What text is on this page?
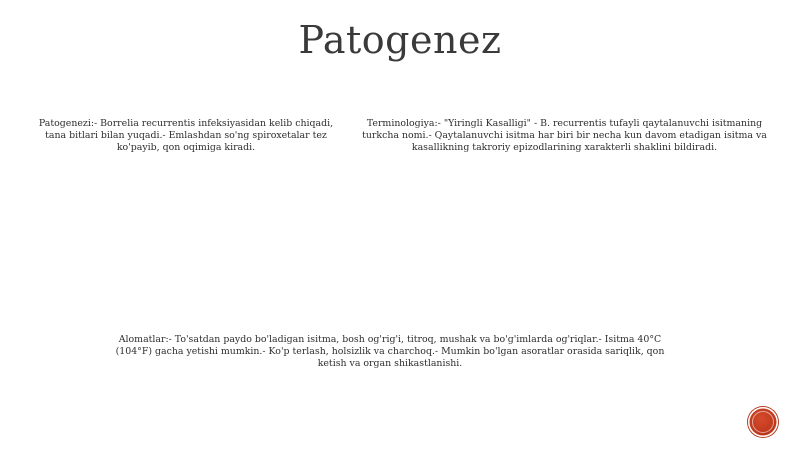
Patogenez
Patogenezi:- Borrelia recurrentis infeksiyasidan kelib chiqadi, tana bitlari bilan yuqadi.- Emlashdan so'ng spiroxetalar tez ko'payib, qon oqimiga kiradi.
Terminologiya:- "Yiringli Kasalligi" - B. recurrentis tufayli qaytalanuvchi isitmaning turkcha nomi.- Qaytalanuvchi isitma har biri bir necha kun davom etadigan isitma va kasallikning takroriy epizodlarining xarakterli shaklini bildiradi.
Alomatlar:- To'satdan paydo bo'ladigan isitma, bosh og'rig'i, titroq, mushak va bo'g'imlarda og'riqlar.- Isitma 40°C (104°F) gacha yetishi mumkin.- Ko'p terlash, holsizlik va charchoq.- Mumkin bo'lgan asoratlar orasida sariqlik, qon ketish va organ shikastlanishi.
